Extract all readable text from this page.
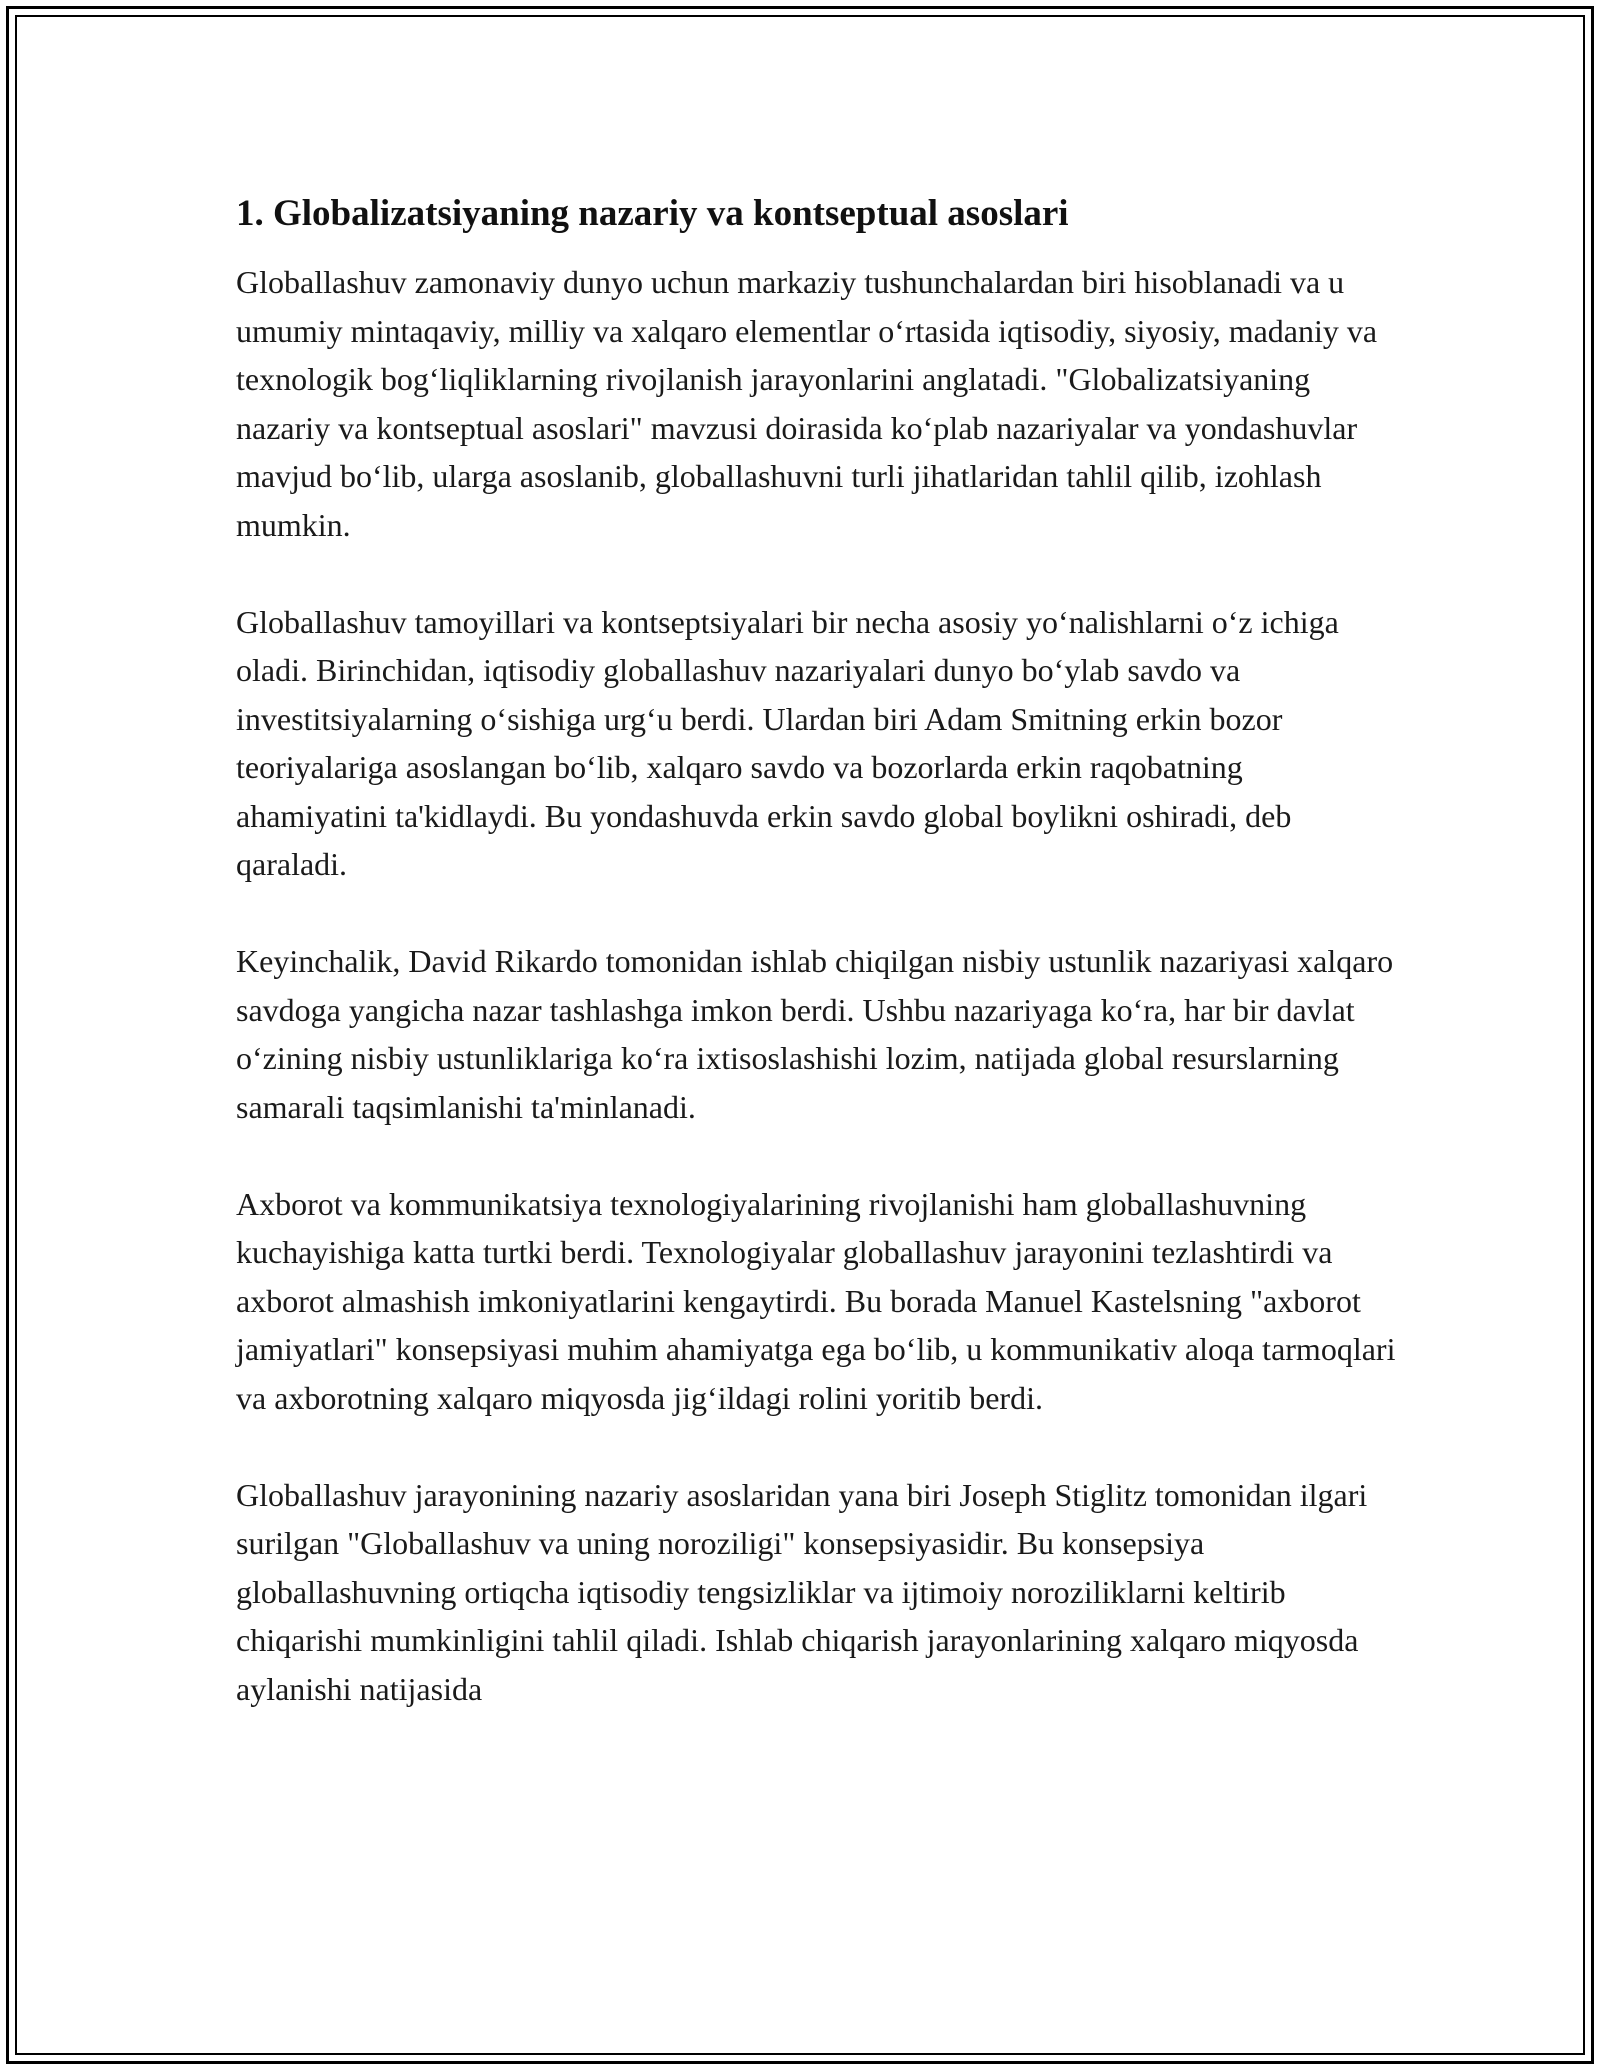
1. Globalizatsiyaning nazariy va kontseptual asoslari

Globallashuv zamonaviy dunyo uchun markaziy tushunchalardan biri hisoblanadi va u umumiy mintaqaviy, milliy va xalqaro elementlar o‘rtasida iqtisodiy, siyosiy, madaniy va texnologik bog‘liqliklarning rivojlanish jarayonlarini anglatadi. "Globalizatsiyaning nazariy va kontseptual asoslari" mavzusi doirasida ko‘plab nazariyalar va yondashuvlar mavjud bo‘lib, ularga asoslanib, globallashuvni turli jihatlaridan tahlil qilib, izohlash mumkin.

Globallashuv tamoyillari va kontseptsiyalari bir necha asosiy yo‘nalishlarni o‘z ichiga oladi. Birinchidan, iqtisodiy globallashuv nazariyalari dunyo bo‘ylab savdo va investitsiyalarning o‘sishiga urg‘u berdi. Ulardan biri Adam Smitning erkin bozor teoriyalariga asoslangan bo‘lib, xalqaro savdo va bozorlarda erkin raqobatning ahamiyatini ta'kidlaydi. Bu yondashuvda erkin savdo global boylikni oshiradi, deb qaraladi.

Keyinchalik, David Rikardo tomonidan ishlab chiqilgan nisbiy ustunlik nazariyasi xalqaro savdoga yangicha nazar tashlashga imkon berdi. Ushbu nazariyaga ko‘ra, har bir davlat o‘zining nisbiy ustunliklariga ko‘ra ixtisoslashishi lozim, natijada global resurslarning samarali taqsimlanishi ta'minlanadi.

Axborot va kommunikatsiya texnologiyalarining rivojlanishi ham globallashuvning kuchayishiga katta turtki berdi. Texnologiyalar globallashuv jarayonini tezlashtirdi va axborot almashish imkoniyatlarini kengaytirdi. Bu borada Manuel Kastelsning "axborot jamiyatlari" konsepsiyasi muhim ahamiyatga ega bo‘lib, u kommunikativ aloqa tarmoqlari va axborotning xalqaro miqyosda jig‘ildagi rolini yoritib berdi.

Globallashuv jarayonining nazariy asoslaridan yana biri Joseph Stiglitz tomonidan ilgari surilgan "Globallashuv va uning noroziligi" konsepsiyasidir. Bu konsepsiya globallashuvning ortiqcha iqtisodiy tengsizliklar va ijtimoiy noroziliklarni keltirib chiqarishi mumkinligini tahlil qiladi. Ishlab chiqarish jarayonlarining xalqaro miqyosda aylanishi natijasida
